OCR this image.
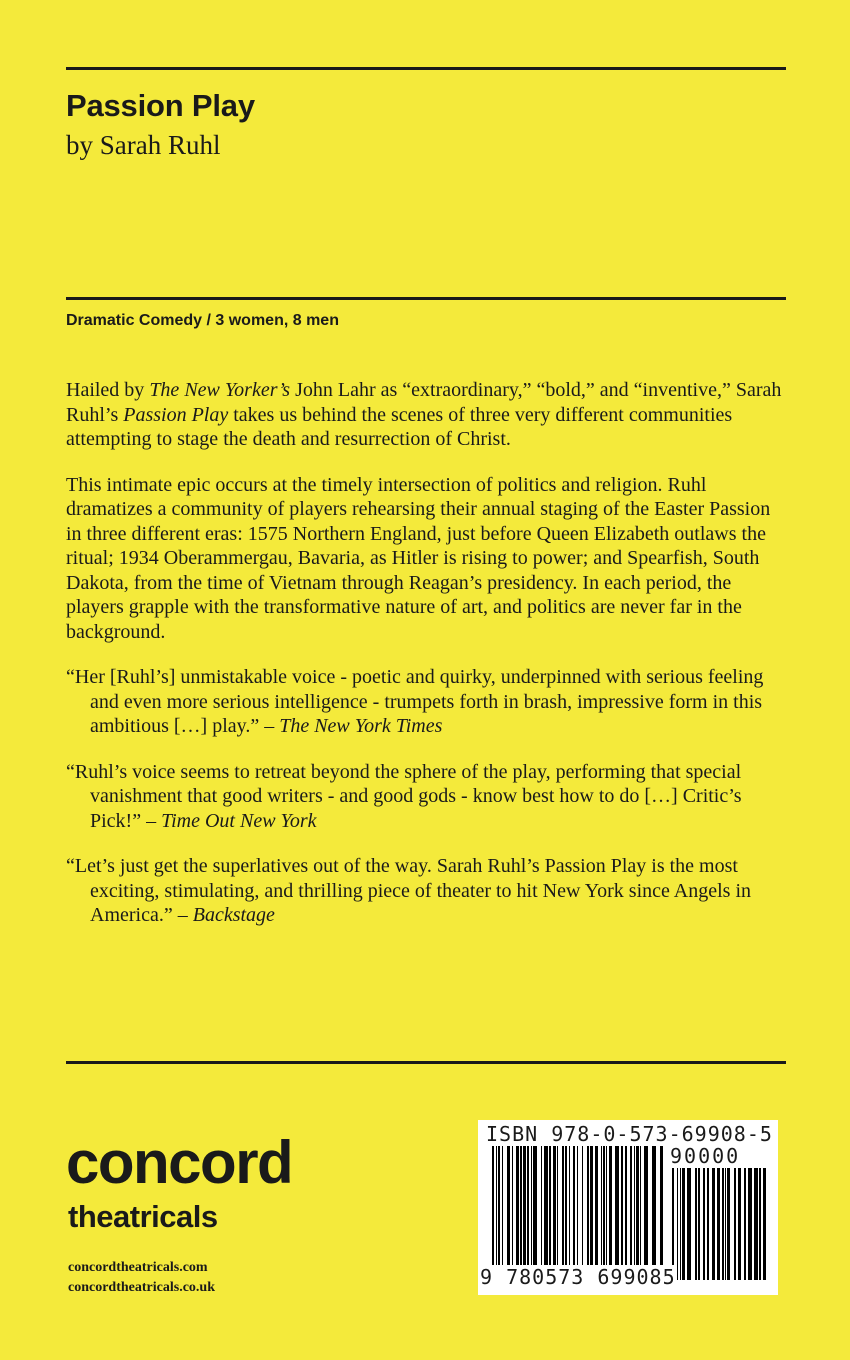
Passion Play
by Sarah Ruhl

Dramatic Comedy / 3 women, 8 men

Hailed by The New Yorker’s John Lahr as “extraordinary,” “bold,” and “inventive,” Sarah Ruhl’s Passion Play takes us behind the scenes of three very different communities attempting to stage the death and resurrection of Christ.

This intimate epic occurs at the timely intersection of politics and religion. Ruhl dramatizes a community of players rehearsing their annual staging of the Easter Passion in three different eras: 1575 Northern England, just before Queen Elizabeth outlaws the ritual; 1934 Oberammergau, Bavaria, as Hitler is rising to power; and Spearfish, South Dakota, from the time of Vietnam through Reagan’s presidency. In each period, the players grapple with the transformative nature of art, and politics are never far in the background.

“Her [Ruhl’s] unmistakable voice - poetic and quirky, underpinned with serious feeling and even more serious intelligence - trumpets forth in brash, impressive form in this ambitious […] play.” – The New York Times

“Ruhl’s voice seems to retreat beyond the sphere of the play, performing that special vanishment that good writers - and good gods - know best how to do […] Critic’s Pick!” – Time Out New York

“Let’s just get the superlatives out of the way. Sarah Ruhl’s Passion Play is the most exciting, stimulating, and thrilling piece of theater to hit New York since Angels in America.” – Backstage

concord
theatricals
concordtheatricals.com
concordtheatricals.co.uk
ISBN 978-0-573-69908-5
90000
9 780573 699085
